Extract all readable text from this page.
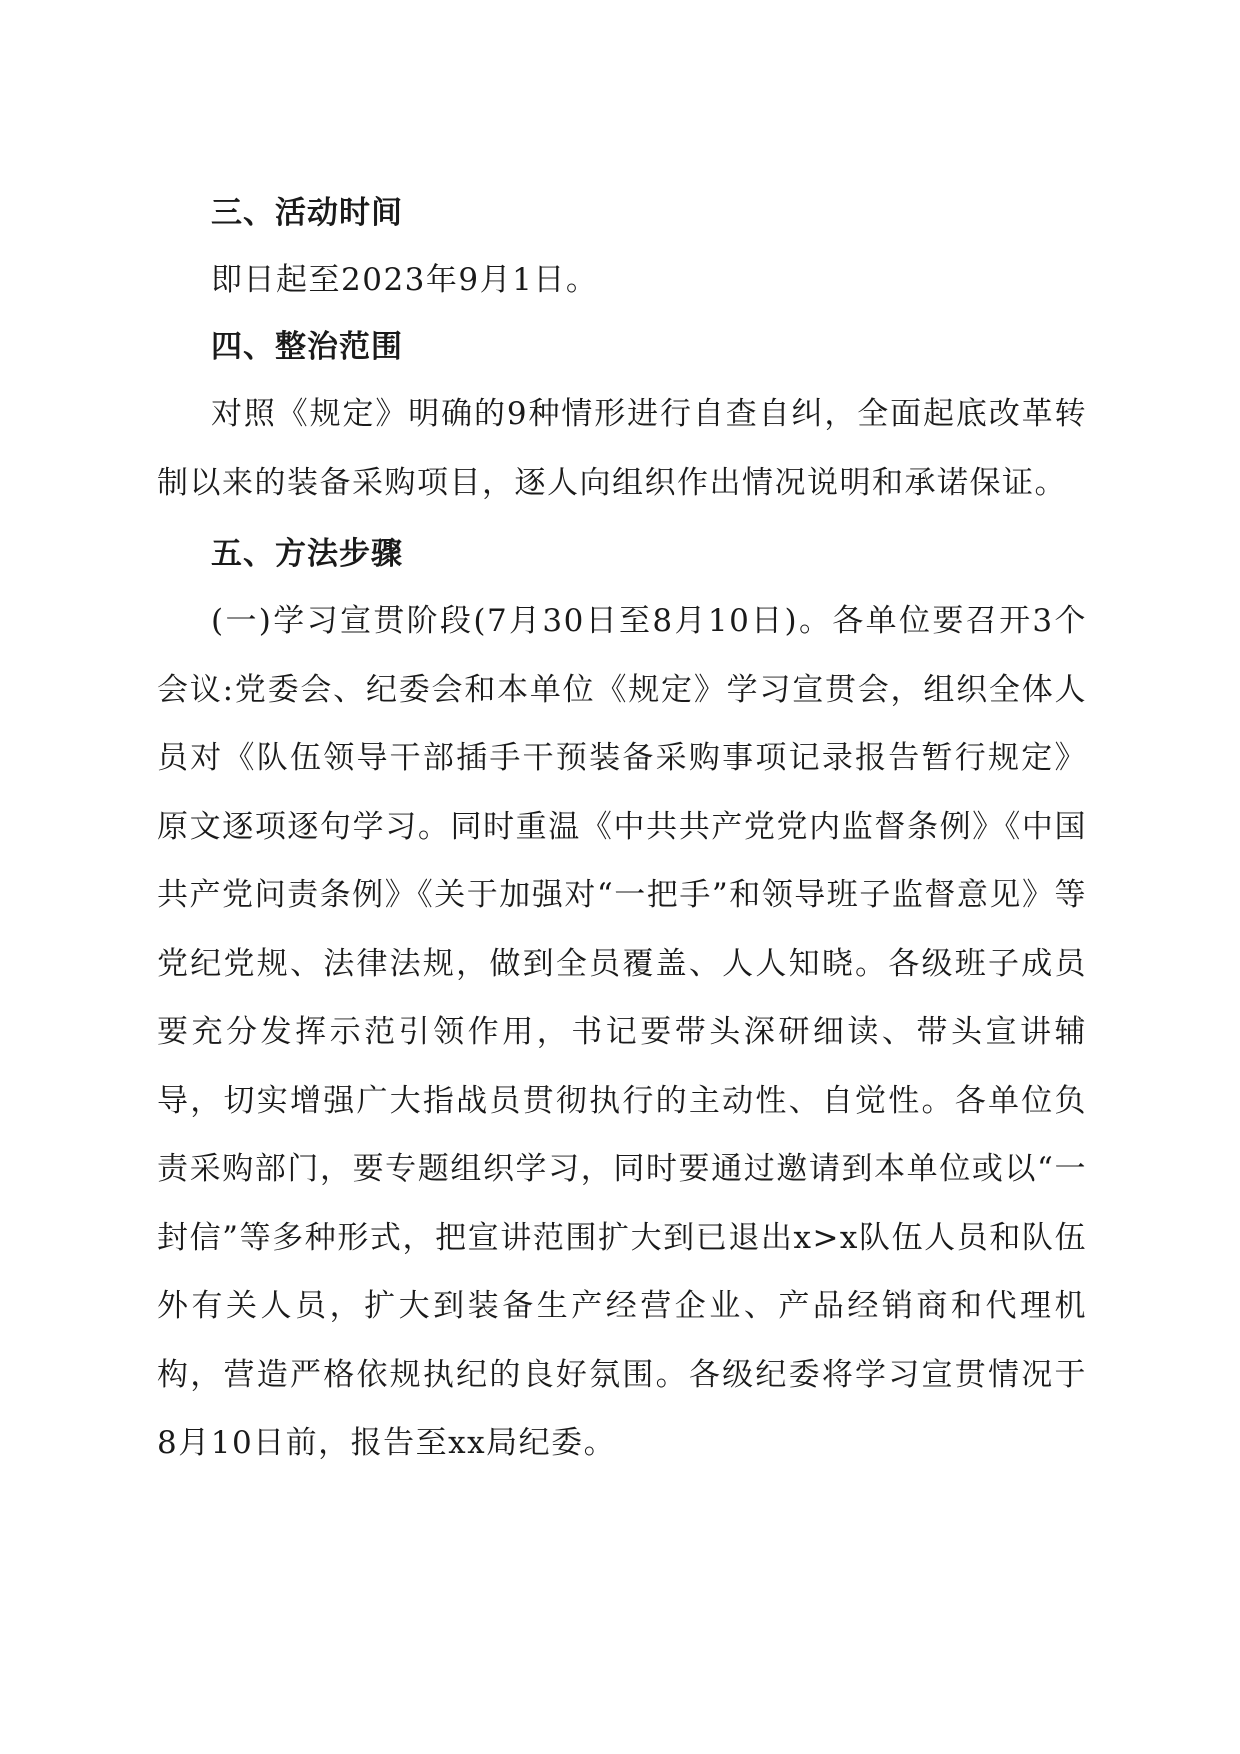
三、活动时间

即日起至2023年9月1日。

四、整治范围

对照《规定》明确的9种情形进行自查自纠，全面起底改革转制以来的装备采购项目，逐人向组织作出情况说明和承诺保证。

五、方法步骤

(一)学习宣贯阶段(7月30日至8月10日)。各单位要召开3个会议:党委会、纪委会和本单位《规定》学习宣贯会，组织全体人员对《队伍领导干部插手干预装备采购事项记录报告暂行规定》原文逐项逐句学习。同时重温《中共共产党党内监督条例》《中国共产党问责条例》《关于加强对“一把手”和领导班子监督意见》等党纪党规、法律法规，做到全员覆盖、人人知晓。各级班子成员要充分发挥示范引领作用，书记要带头深研细读、带头宣讲辅导，切实增强广大指战员贯彻执行的主动性、自觉性。各单位负责采购部门，要专题组织学习，同时要通过邀请到本单位或以“一封信”等多种形式，把宣讲范围扩大到已退出x>x队伍人员和队伍外有关人员，扩大到装备生产经营企业、产品经销商和代理机构，营造严格依规执纪的良好氛围。各级纪委将学习宣贯情况于8月10日前，报告至xx局纪委。
